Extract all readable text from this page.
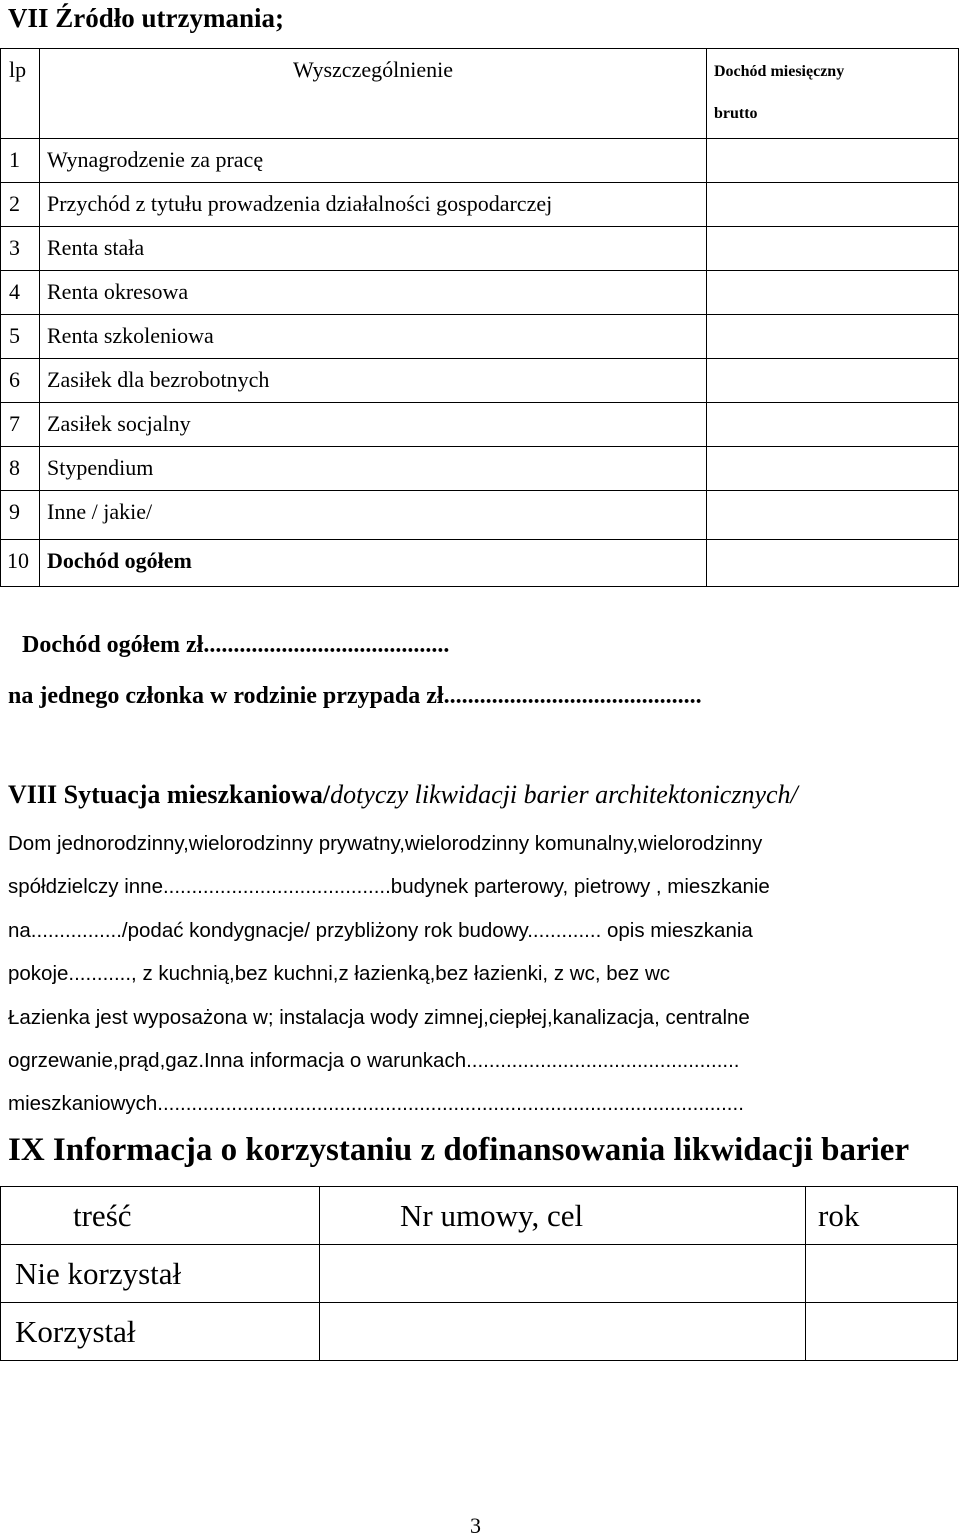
VII Źródło utrzymania;
lp	Wyszczególnienie	Dochód miesięczny
brutto

1	Wynagrodzenie za pracę	

2	Przychód z tytułu prowadzenia działalności gospodarczej	

3	Renta stała	

4	Renta okresowa	

5	Renta szkoleniowa	

6	Zasiłek dla bezrobotnych	

7	Zasiłek socjalny	

8	Stypendium	

9	Inne / jakie/	

10	Dochód ogółem	

Dochód ogółem zł.........................................
na jednego członka w rodzinie przypada zł...........................................
VIII Sytuacja mieszkaniowa/dotyczy likwidacji barier architektonicznych/
Dom jednorodzinny,wielorodzinny prywatny,wielorodzinny komunalny,wielorodzinny
spółdzielczy inne........................................budynek parterowy, pietrowy , mieszkanie
na................/podać kondygnacje/ przybliżony rok budowy............. opis mieszkania
pokoje..........., z kuchnią,bez kuchni,z łazienką,bez łazienki, z wc, bez wc
Łazienka jest wyposażona w; instalacja wody zimnej,ciepłej,kanalizacja, centralne
ogrzewanie,prąd,gaz.Inna informacja o warunkach................................................
mieszkaniowych.......................................................................................................
IX Informacja o korzystaniu z dofinansowania likwidacji barier
treść	Nr umowy, cel	rok

Nie korzystał		

Korzystał		

3
